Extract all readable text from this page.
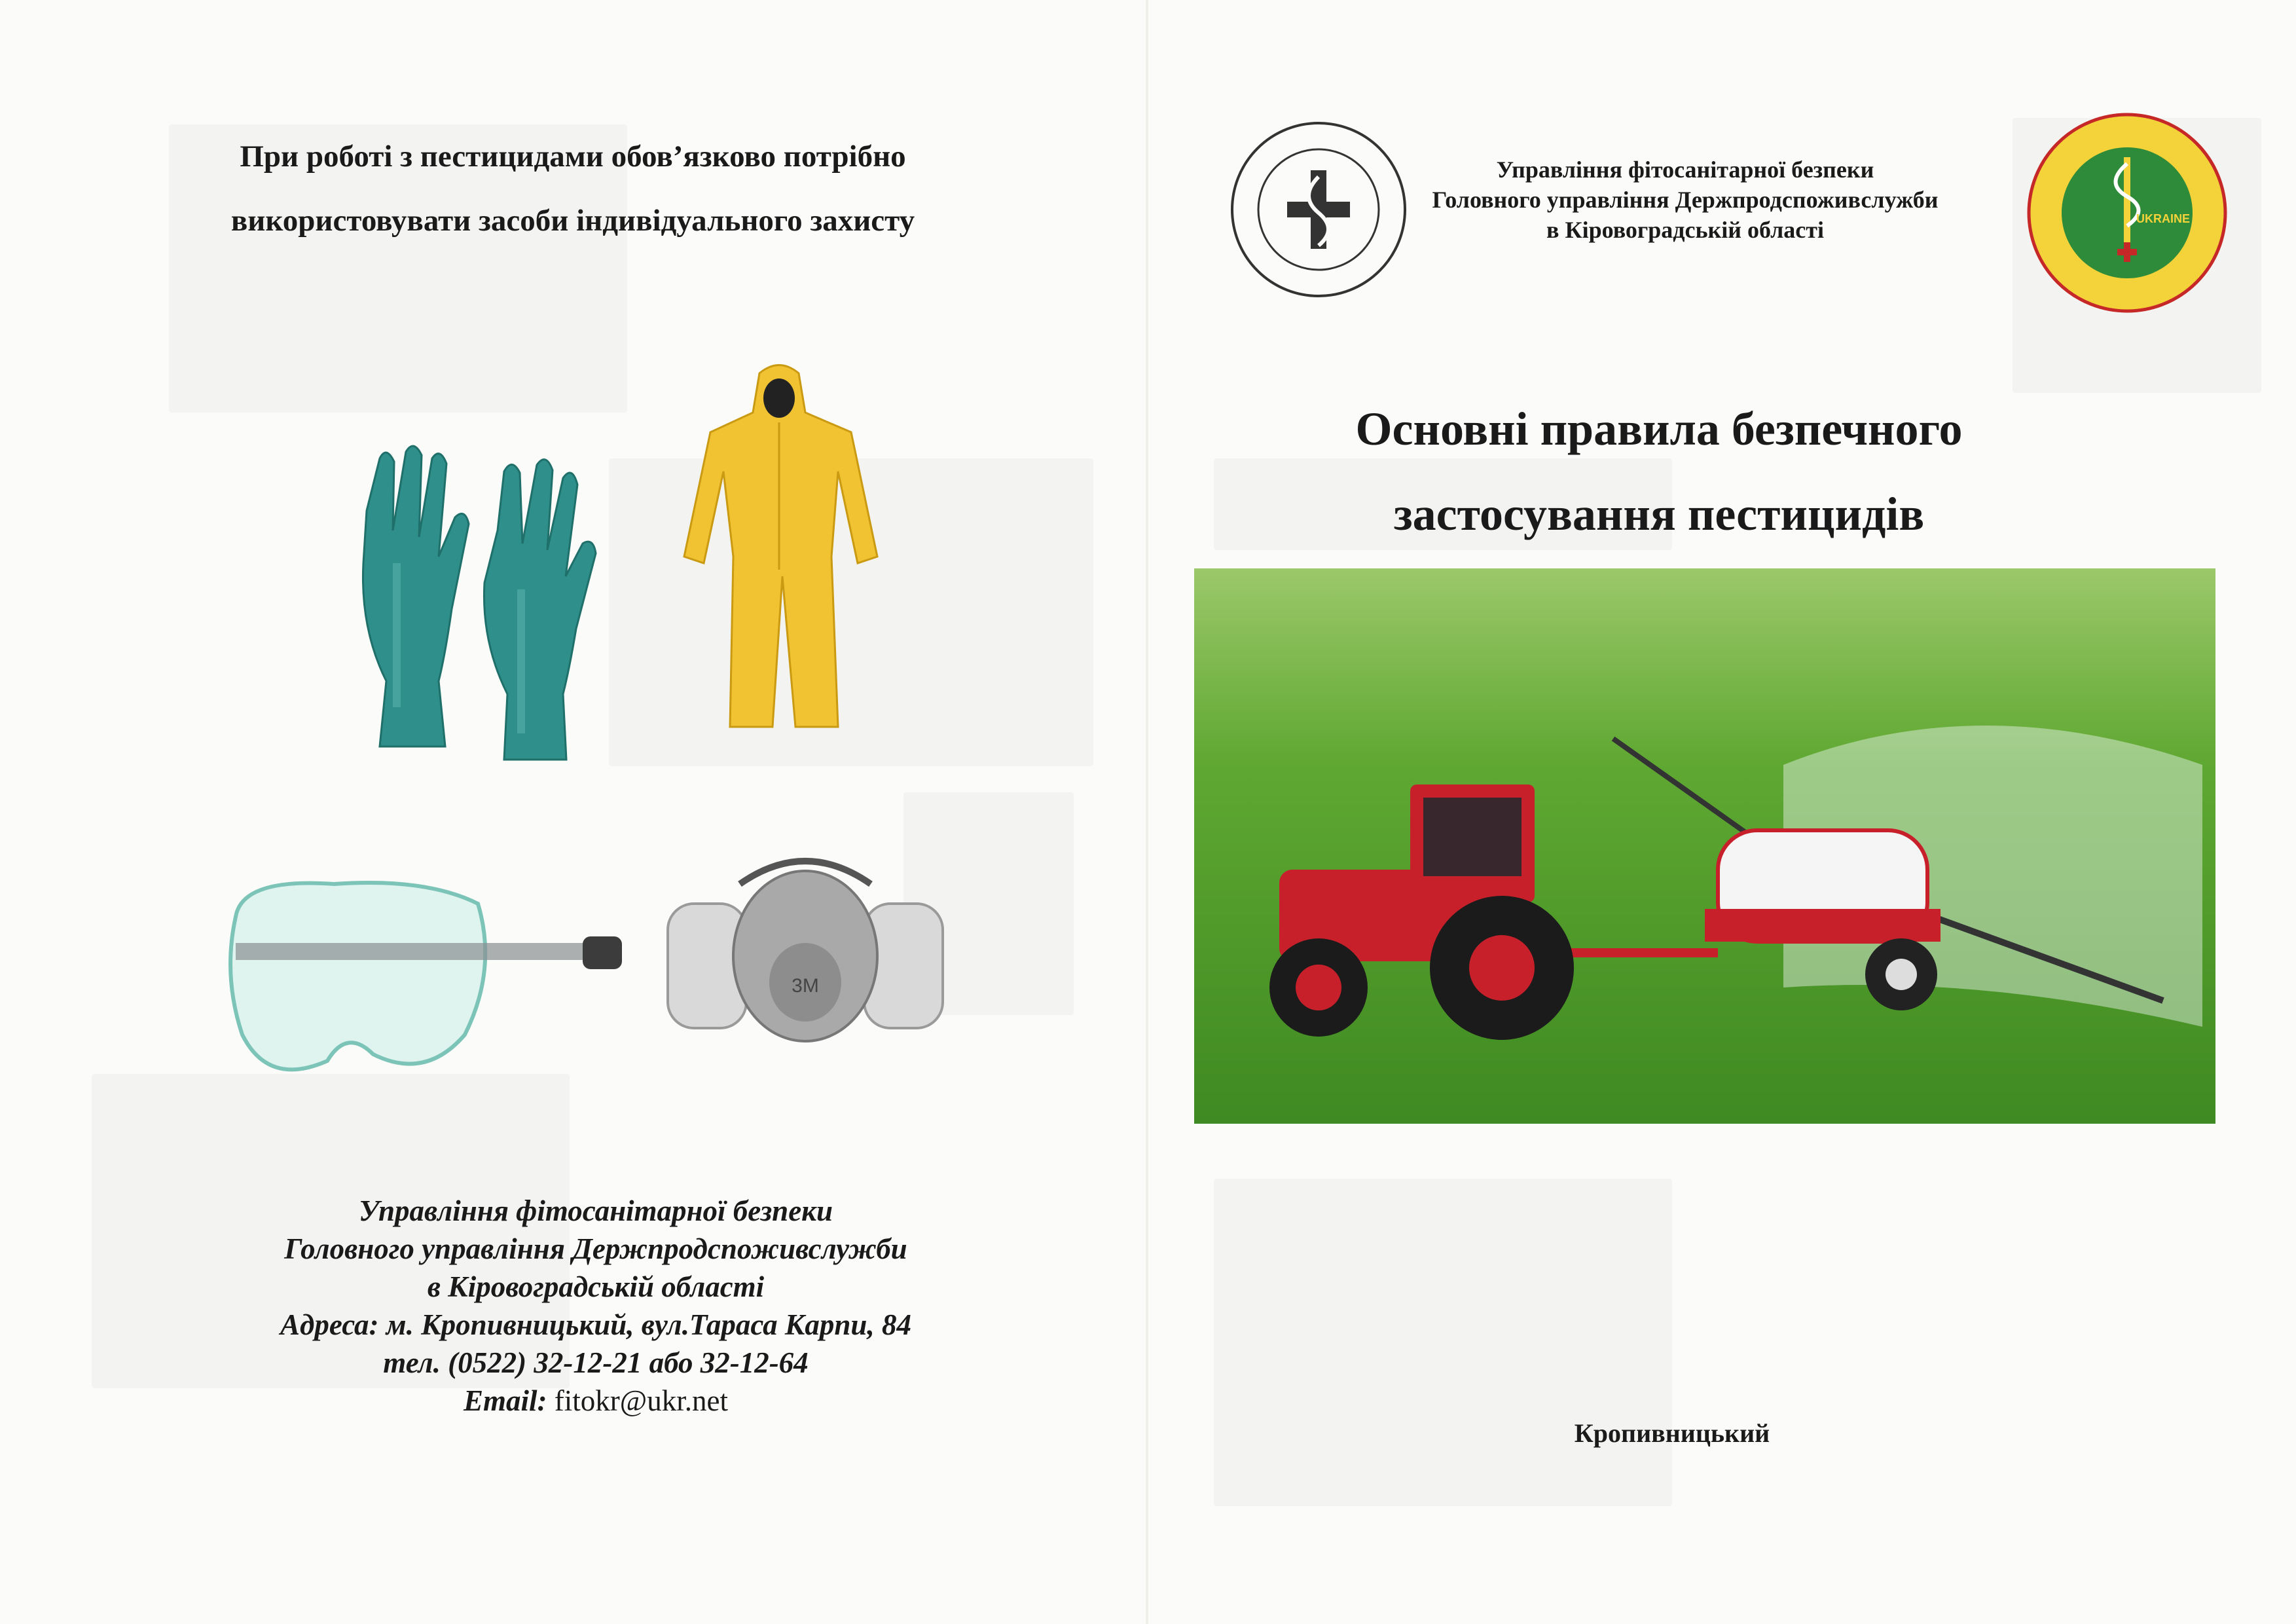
При роботі з пестицидами обов’язково потрібно
використовувати засоби індивідуального захисту
3M
Управління фітосанітарної безпеки
Головного управління Держпродспоживслужби
в Кіровоградській області
Адреса: м. Кропивницький, вул.Тараса Карпи, 84
тел. (0522) 32-12-21 або 32-12-64
Email: fitokr@ukr.net
Управління фітосанітарної безпеки
Головного управління Держпродспоживслужби
в Кіровоградській області	UKRAINE
Основні правила безпечного
застосування пестицидів
Кропивницький
